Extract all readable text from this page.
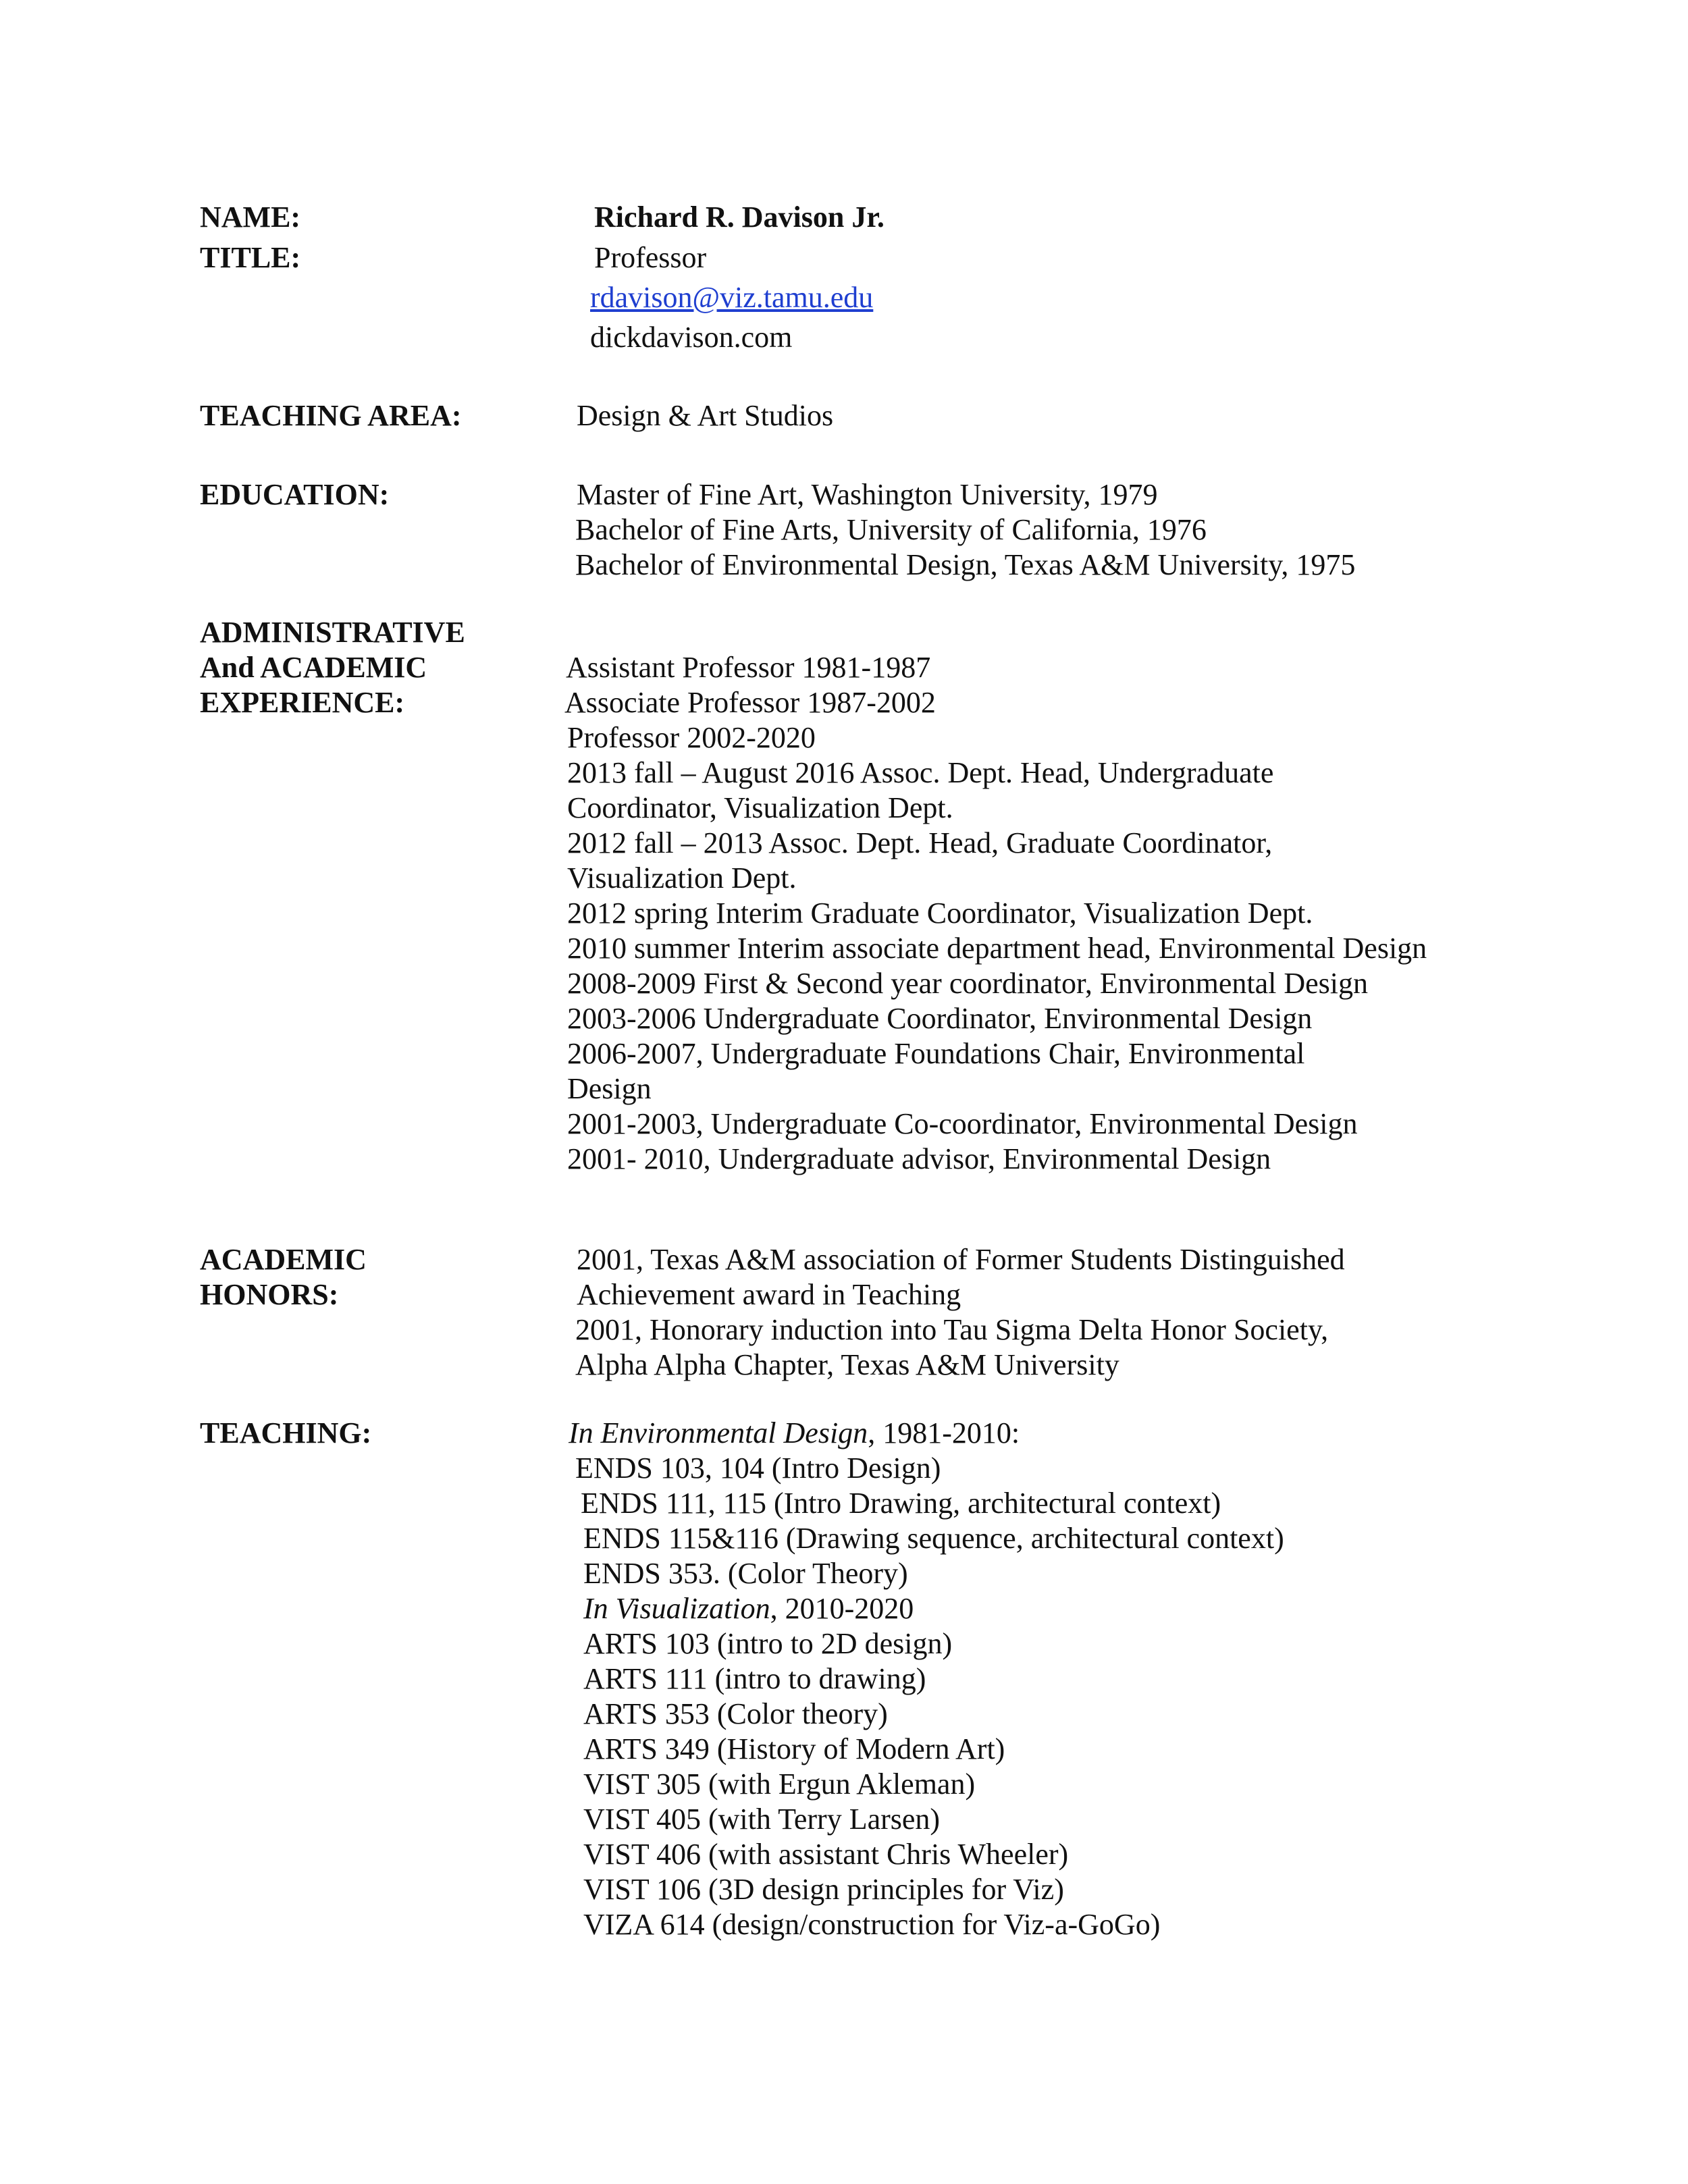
NAME:
TITLE:
TEACHING AREA:
EDUCATION:
ADMINISTRATIVE
And ACADEMIC
EXPERIENCE:
ACADEMIC
HONORS:
TEACHING:
Richard R. Davison Jr.
Professor
rdavison@viz.tamu.edu
dickdavison.com
Design & Art Studios
Master of Fine Art, Washington University, 1979
Bachelor of Fine Arts, University of California, 1976
Bachelor of Environmental Design, Texas A&M University, 1975
Assistant Professor 1981-1987
Associate Professor 1987-2002
Professor 2002-2020
2013 fall – August 2016 Assoc. Dept. Head, Undergraduate
Coordinator, Visualization Dept.
2012 fall – 2013 Assoc. Dept. Head, Graduate Coordinator,
Visualization Dept.
2012 spring Interim Graduate Coordinator, Visualization Dept.
2010 summer Interim associate department head, Environmental Design
2008-2009 First & Second year coordinator, Environmental Design
2003-2006 Undergraduate Coordinator, Environmental Design
2006-2007, Undergraduate Foundations Chair, Environmental
Design
2001-2003, Undergraduate Co-coordinator, Environmental Design
2001- 2010, Undergraduate advisor, Environmental Design
2001, Texas A&M association of Former Students Distinguished
Achievement award in Teaching
2001, Honorary induction into Tau Sigma Delta Honor Society,
Alpha Alpha Chapter, Texas A&M University
In Environmental Design, 1981-2010:
ENDS 103, 104 (Intro Design)
ENDS 111, 115 (Intro Drawing, architectural context)
ENDS 115&116 (Drawing sequence, architectural context)
ENDS 353. (Color Theory)
In Visualization, 2010-2020
ARTS 103 (intro to 2D design)
ARTS 111 (intro to drawing)
ARTS 353 (Color theory)
ARTS 349 (History of Modern Art)
VIST 305 (with Ergun Akleman)
VIST 405 (with Terry Larsen)
VIST 406 (with assistant Chris Wheeler)
VIST 106 (3D design principles for Viz)
VIZA 614 (design/construction for Viz-a-GoGo)
